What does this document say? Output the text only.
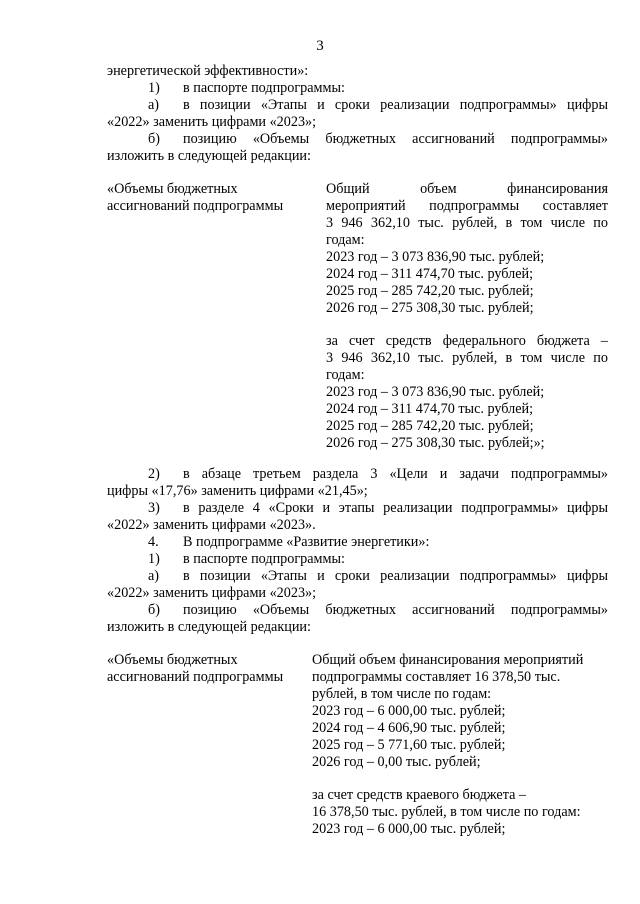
3
энергетической эффективности»:
1) в паспорте подпрограммы:
а) в позиции «Этапы и сроки реализации подпрограммы» цифры
«2022» заменить цифрами «2023»;
б) позицию «Объемы бюджетных ассигнований подпрограммы»
изложить в следующей редакции:
«Объемы бюджетных
ассигнований подпрограммы
Общий объем финансирования
мероприятий подпрограммы составляет
3 946 362,10 тыс. рублей, в том числе по
годам:
2023 год – 3 073 836,90 тыс. рублей;
2024 год – 311 474,70 тыс. рублей;
2025 год – 285 742,20 тыс. рублей;
2026 год – 275 308,30 тыс. рублей;
за счет средств федерального бюджета –
3 946 362,10 тыс. рублей, в том числе по
годам:
2023 год – 3 073 836,90 тыс. рублей;
2024 год – 311 474,70 тыс. рублей;
2025 год – 285 742,20 тыс. рублей;
2026 год – 275 308,30 тыс. рублей;»;
2) в абзаце третьем раздела 3 «Цели и задачи подпрограммы»
цифры «17,76» заменить цифрами «21,45»;
3) в разделе 4 «Сроки и этапы реализации подпрограммы» цифры
«2022» заменить цифрами «2023».
4. В подпрограмме «Развитие энергетики»:
1) в паспорте подпрограммы:
а) в позиции «Этапы и сроки реализации подпрограммы» цифры
«2022» заменить цифрами «2023»;
б) позицию «Объемы бюджетных ассигнований подпрограммы»
изложить в следующей редакции:
«Объемы бюджетных
ассигнований подпрограммы
Общий объем финансирования мероприятий
подпрограммы составляет 16 378,50 тыс.
рублей, в том числе по годам:
2023 год – 6 000,00 тыс. рублей;
2024 год – 4 606,90 тыс. рублей;
2025 год – 5 771,60 тыс. рублей;
2026 год – 0,00 тыс. рублей;
за счет средств краевого бюджета –
16 378,50 тыс. рублей, в том числе по годам:
2023 год – 6 000,00 тыс. рублей;
